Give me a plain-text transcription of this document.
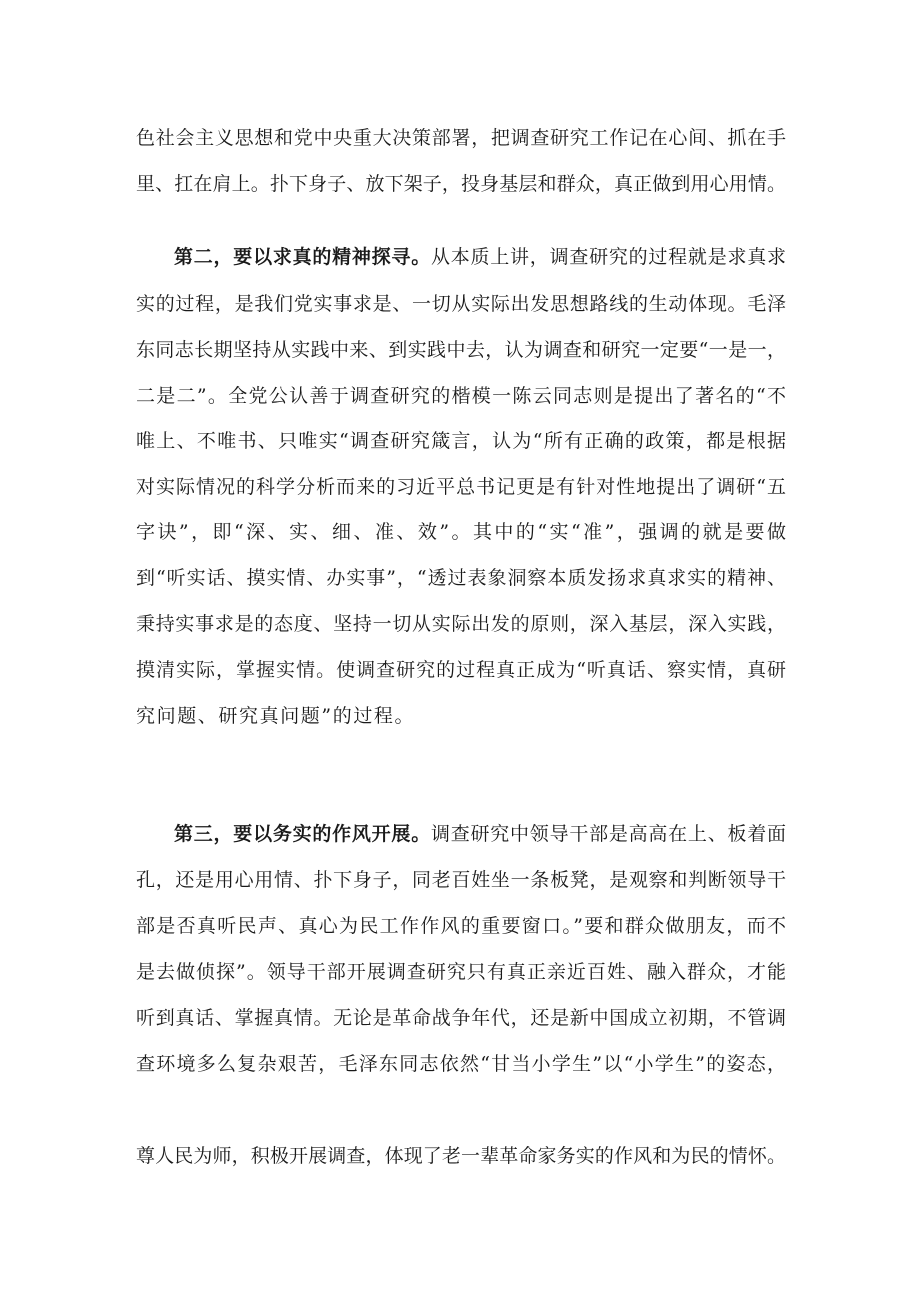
色社会主义思想和党中央重大决策部署，把调查研究工作记在心间、抓在手
里、扛在肩上。扑下身子、放下架子，投身基层和群众，真正做到用心用情。
第二，要以求真的精神探寻。从本质上讲，调查研究的过程就是求真求
实的过程，是我们党实事求是、一切从实际出发思想路线的生动体现。毛泽
东同志长期坚持从实践中来、到实践中去，认为调查和研究一定要“一是一，
二是二”。全党公认善于调查研究的楷模一陈云同志则是提出了著名的“不
唯上、不唯书、只唯实“调查研究箴言，认为“所有正确的政策，都是根据
对实际情况的科学分析而来的习近平总书记更是有针对性地提出了调研“五
字诀”，即“深、实、细、准、效”。其中的“实“准”，强调的就是要做
到“听实话、摸实情、办实事”，“透过表象洞察本质发扬求真求实的精神、
秉持实事求是的态度、坚持一切从实际出发的原则，深入基层，深入实践，
摸清实际，掌握实情。使调查研究的过程真正成为“听真话、察实情，真研
究问题、研究真问题”的过程。
第三，要以务实的作风开展。调查研究中领导干部是高高在上、板着面
孔，还是用心用情、扑下身子，同老百姓坐一条板凳，是观察和判断领导干
部是否真听民声、真心为民工作作风的重要窗口。”要和群众做朋友，而不
是去做侦探”。领导干部开展调查研究只有真正亲近百姓、融入群众，才能
听到真话、掌握真情。无论是革命战争年代，还是新中国成立初期，不管调
查环境多么复杂艰苦，毛泽东同志依然“甘当小学生”以“小学生”的姿态，
尊人民为师，积极开展调查，体现了老一辈革命家务实的作风和为民的情怀。
